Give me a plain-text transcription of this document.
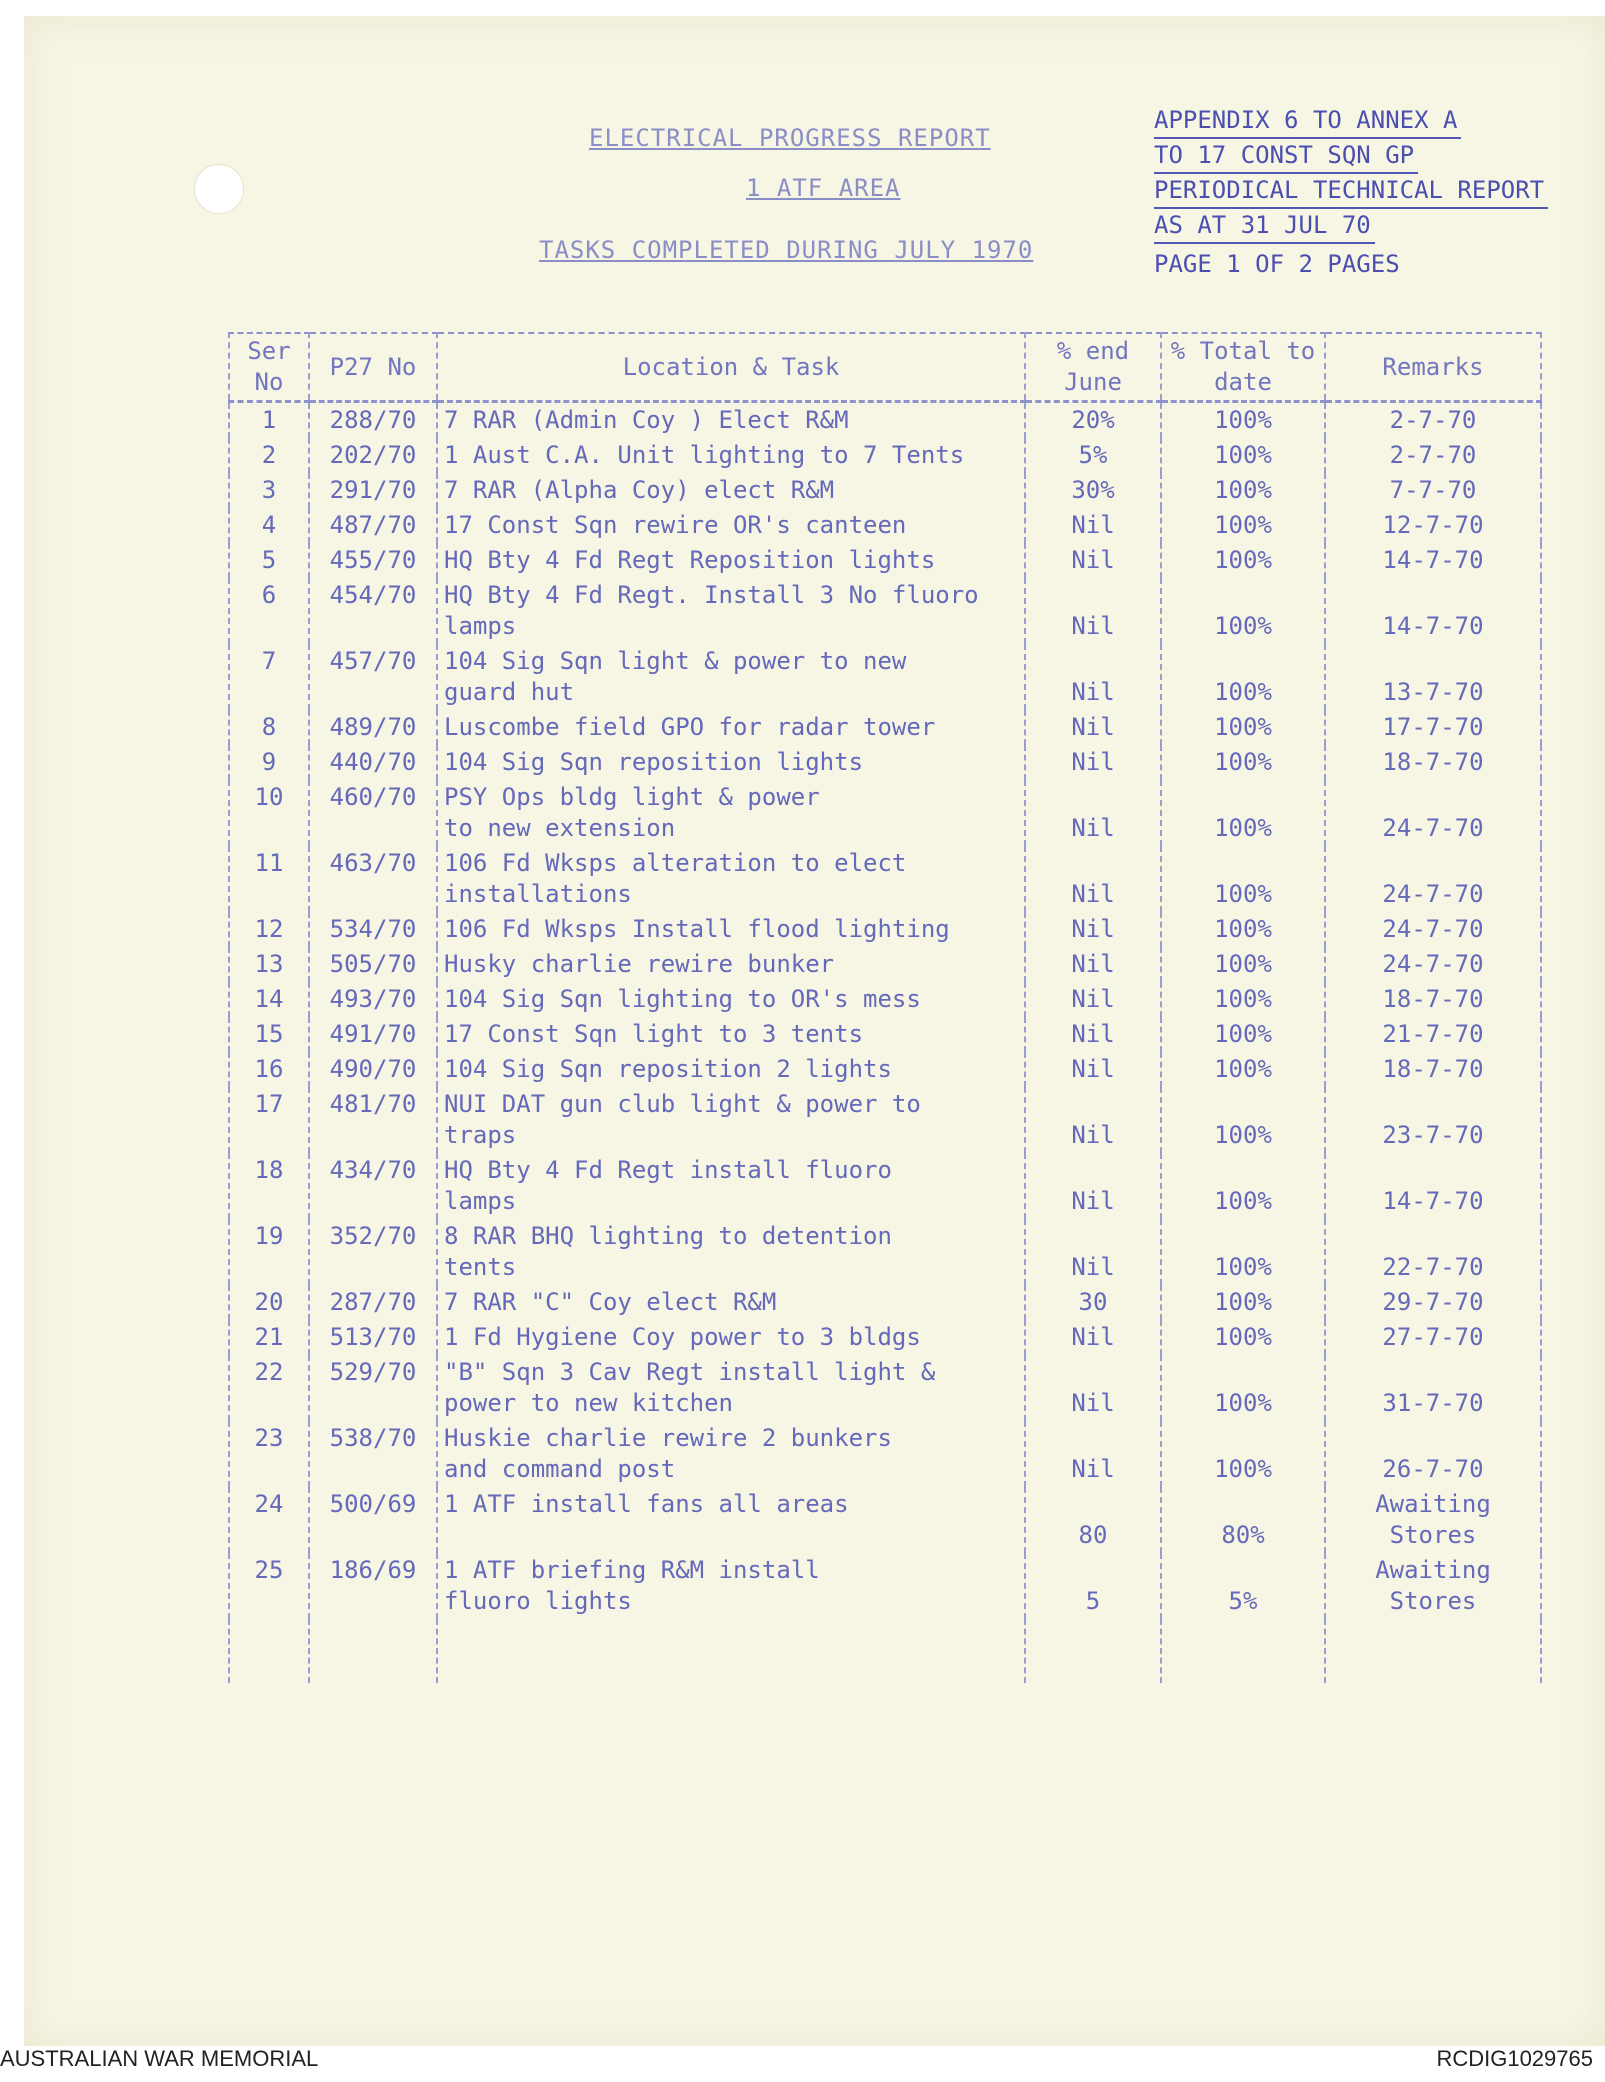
ELECTRICAL PROGRESS REPORT
1 ATF AREA
TASKS COMPLETED DURING JULY 1970
APPENDIX 6 TO ANNEX A
TO 17 CONST SQN GP
PERIODICAL TECHNICAL REPORT
AS AT 31 JUL 70
PAGE 1 OF 2 PAGES
Ser No	P27 No	Location & Task	% end June	% Total to date	Remarks
1	288/70	7 RAR (Admin Coy ) Elect R&M	20%	100%	2-7-70
2	202/70	1 Aust C.A. Unit lighting to 7 Tents	5%	100%	2-7-70
3	291/70	7 RAR (Alpha Coy) elect R&M	30%	100%	7-7-70
4	487/70	17 Const Sqn rewire OR's canteen	Nil	100%	12-7-70
5	455/70	HQ Bty 4 Fd Regt Reposition lights	Nil	100%	14-7-70
6	454/70	HQ Bty 4 Fd Regt. Install 3 No fluoro
lamps	Nil	100%	14-7-70
7	457/70	104 Sig Sqn light & power to new
guard hut	Nil	100%	13-7-70
8	489/70	Luscombe field GPO for radar tower	Nil	100%	17-7-70
9	440/70	104 Sig Sqn reposition lights	Nil	100%	18-7-70
10	460/70	PSY Ops bldg light & power
to new extension	Nil	100%	24-7-70
11	463/70	106 Fd Wksps alteration to elect
installations	Nil	100%	24-7-70
12	534/70	106 Fd Wksps Install flood lighting	Nil	100%	24-7-70
13	505/70	Husky charlie rewire bunker	Nil	100%	24-7-70
14	493/70	104 Sig Sqn lighting to OR's mess	Nil	100%	18-7-70
15	491/70	17 Const Sqn light to 3 tents	Nil	100%	21-7-70
16	490/70	104 Sig Sqn reposition 2 lights	Nil	100%	18-7-70
17	481/70	NUI DAT gun club light & power to
traps	Nil	100%	23-7-70
18	434/70	HQ Bty 4 Fd Regt install fluoro
lamps	Nil	100%	14-7-70
19	352/70	8 RAR BHQ lighting to detention
tents	Nil	100%	22-7-70
20	287/70	7 RAR "C" Coy elect R&M	30	100%	29-7-70
21	513/70	1 Fd Hygiene Coy power to 3 bldgs	Nil	100%	27-7-70
22	529/70	"B" Sqn 3 Cav Regt install light &
power to new kitchen	Nil	100%	31-7-70
23	538/70	Huskie charlie rewire 2 bunkers
and command post	Nil	100%	26-7-70
24	500/69	1 ATF install fans all areas	80	80%	Awaiting
Stores
25	186/69	1 ATF briefing R&M install
fluoro lights	5	5%	Awaiting
Stores

AUSTRALIAN WAR MEMORIAL	RCDIG1029765
